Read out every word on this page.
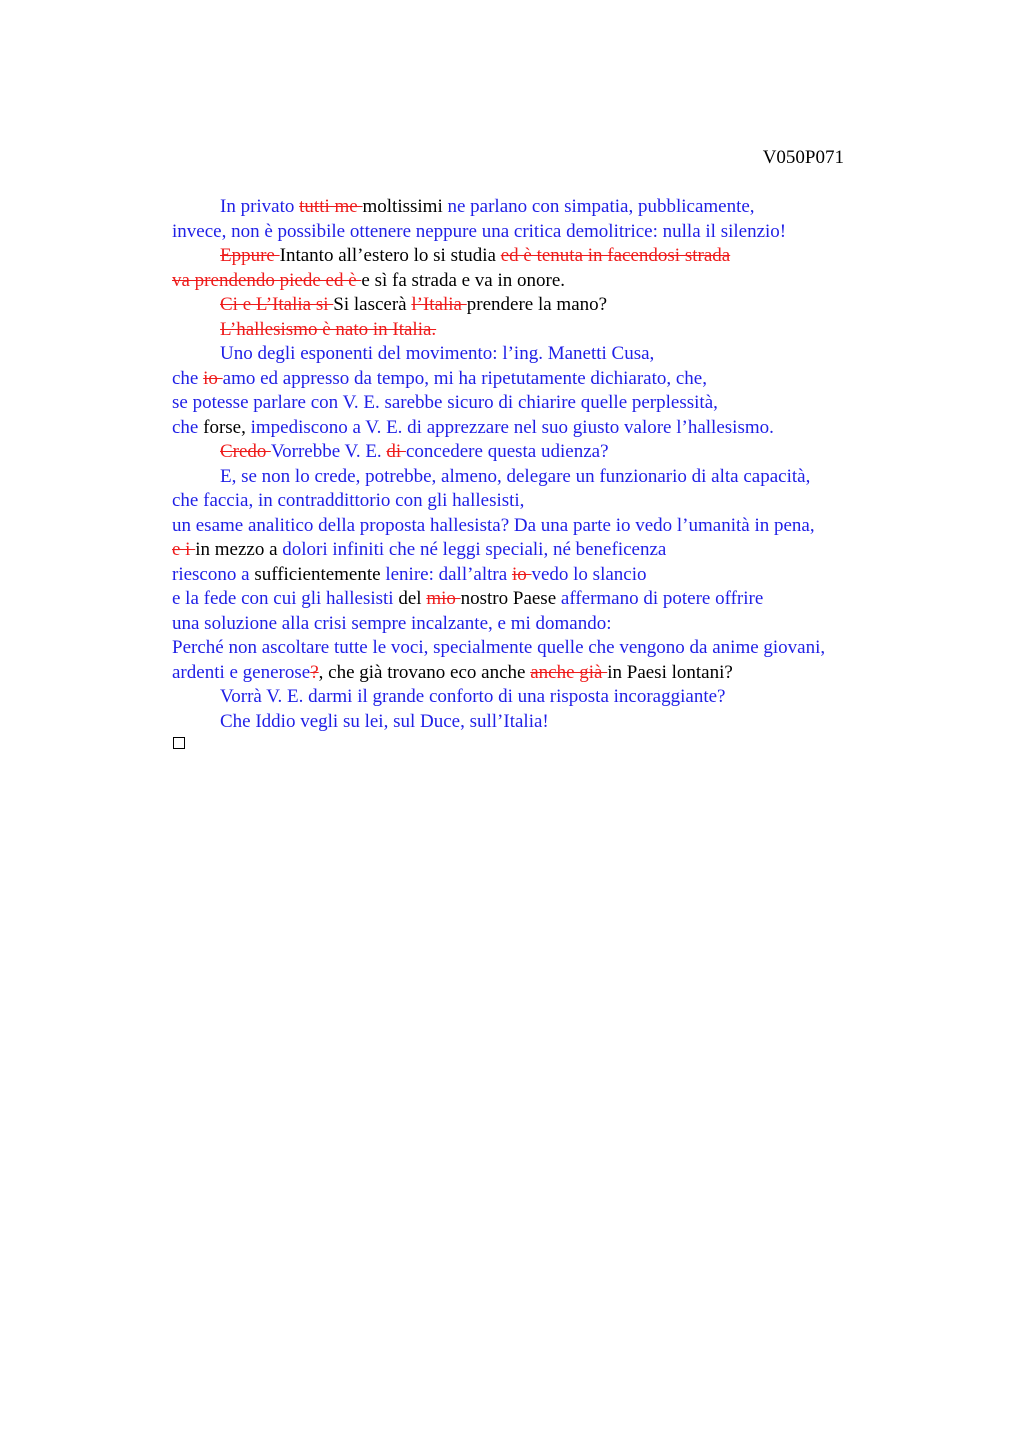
V050P071
In privato tutti me moltissimi ne parlano con simpatia, pubblicamente,
invece, non è possibile ottenere neppure una critica demolitrice: nulla il silenzio!
Eppure Intanto all’estero lo si studia ed è tenuta in facendosi strada
va prendendo piede ed è e sì fa strada e va in onore.
Ci e L’Italia si Si lascerà l’Italia prendere la mano?
L’hallesismo è nato in Italia.
Uno degli esponenti del movimento: l’ing. Manetti Cusa,
che io amo ed appresso da tempo, mi ha ripetutamente dichiarato, che,
se potesse parlare con V. E. sarebbe sicuro di chiarire quelle perplessità,
che forse, impediscono a V. E. di apprezzare nel suo giusto valore l’hallesismo.
Credo Vorrebbe V. E. di concedere questa udienza?
E, se non lo crede, potrebbe, almeno, delegare un funzionario di alta capacità,
che faccia, in contraddittorio con gli hallesisti,
un esame analitico della proposta hallesista? Da una parte io vedo l’umanità in pena,
e i in mezzo a dolori infiniti che né leggi speciali, né beneficenza
riescono a sufficientemente lenire: dall’altra io vedo lo slancio
e la fede con cui gli hallesisti del mio nostro Paese affermano di potere offrire
una soluzione alla crisi sempre incalzante, e mi domando:
Perché non ascoltare tutte le voci, specialmente quelle che vengono da anime giovani,
ardenti e generose?, che già trovano eco anche anche già in Paesi lontani?
Vorrà V. E. darmi il grande conforto di una risposta incoraggiante?
Che Iddio vegli su lei, sul Duce, sull’Italia!
